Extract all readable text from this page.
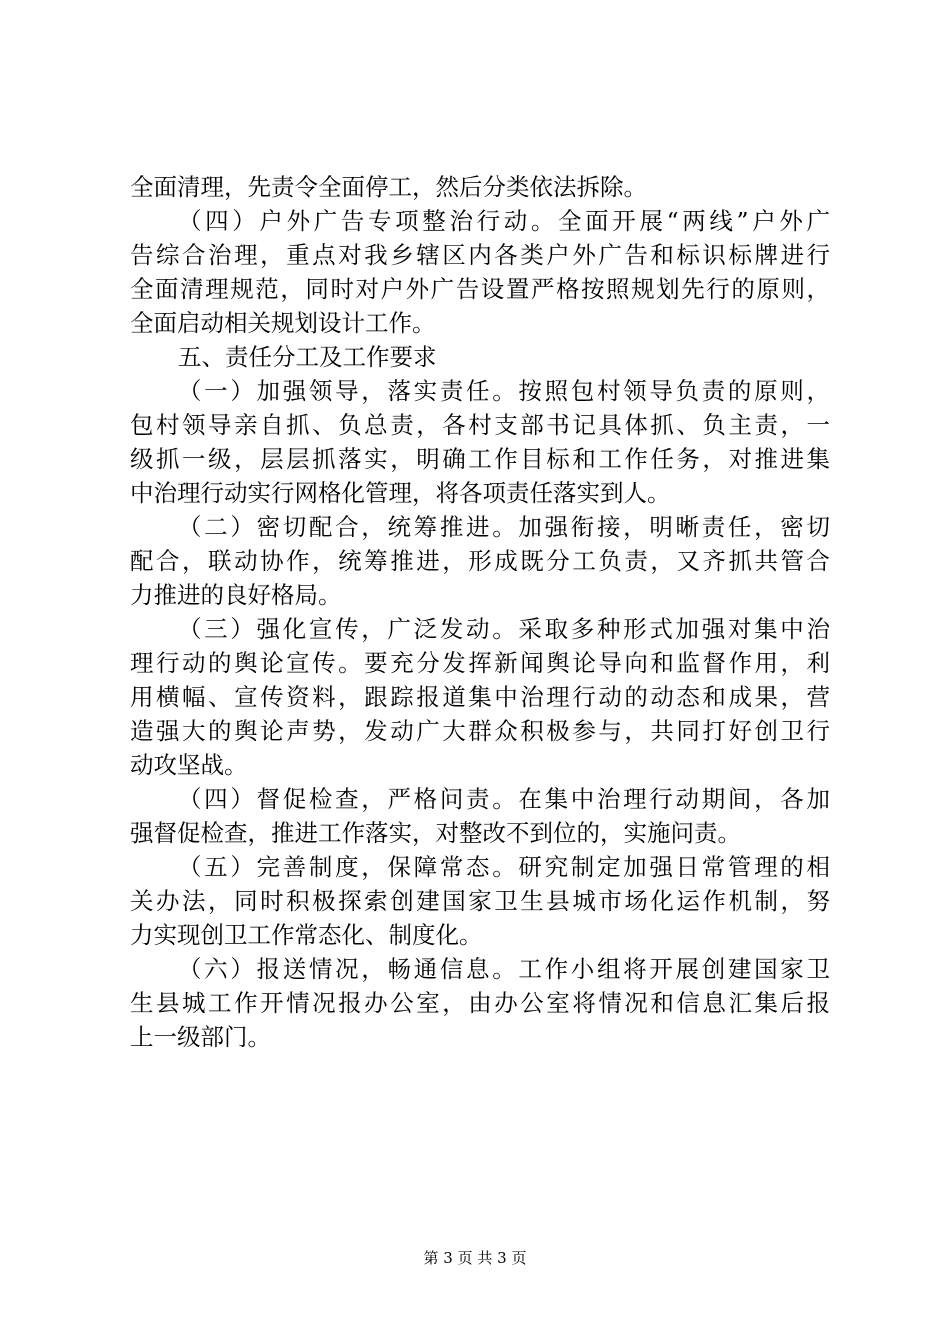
全面清理，先责令全面停工，然后分类依法拆除。
（四）户外广告专项整治行动。全面开展“两线”户外广
告综合治理，重点对我乡辖区内各类户外广告和标识标牌进行
全面清理规范，同时对户外广告设置严格按照规划先行的原则，
全面启动相关规划设计工作。
五、责任分工及工作要求
（一）加强领导，落实责任。按照包村领导负责的原则，
包村领导亲自抓、负总责，各村支部书记具体抓、负主责，一
级抓一级，层层抓落实，明确工作目标和工作任务，对推进集
中治理行动实行网格化管理，将各项责任落实到人。
（二）密切配合，统筹推进。加强衔接，明晰责任，密切
配合，联动协作，统筹推进，形成既分工负责，又齐抓共管合
力推进的良好格局。
（三）强化宣传，广泛发动。采取多种形式加强对集中治
理行动的舆论宣传。要充分发挥新闻舆论导向和监督作用，利
用横幅、宣传资料，跟踪报道集中治理行动的动态和成果，营
造强大的舆论声势，发动广大群众积极参与，共同打好创卫行
动攻坚战。
（四）督促检查，严格问责。在集中治理行动期间，各加
强督促检查，推进工作落实，对整改不到位的，实施问责。
（五）完善制度，保障常态。研究制定加强日常管理的相
关办法，同时积极探索创建国家卫生县城市场化运作机制，努
力实现创卫工作常态化、制度化。
（六）报送情况，畅通信息。工作小组将开展创建国家卫
生县城工作开情况报办公室，由办公室将情况和信息汇集后报
上一级部门。
第 3 页 共 3 页
